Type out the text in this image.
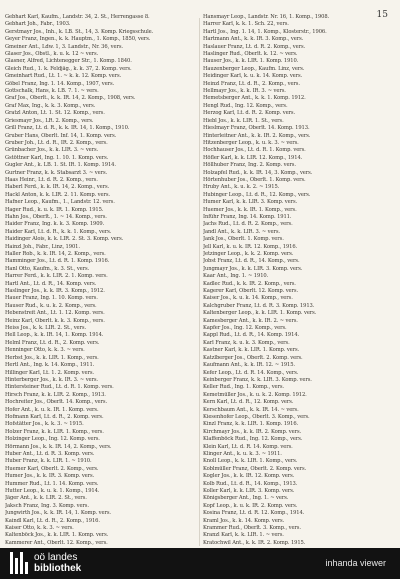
15
Gebhart Karl, Kaufm., Landstr. 34, 2. St., Herrengasse 8.
Gebhart Joh., Fabr., 1903.
Gerstmayr Jos., Inh., k. LB. St., 14, 3. Komp. Kriegsschule.
Geyer Franz, Ingen., k. k. Hauptm., 1. Komp., 1850, vers.
Gmeiner Ant., Ldw. 1, 3. Landstr., Nr. 36, vers.
Glaser Jos., Obstl., k. u. k. 12 ~ vers.
Glasner, Alfred, Lichtenegger Str., 1. Komp. 1840.
Gleich Rud., 1. k. Feldjäg., k. k. 37, 2. Komp. vers.
Gmeinhart Rud., Lt. 1. ~ k. k. 12. Komp. vers.
Göbel Franz, Ing. 1. 14. Komp., 1907, vers.
Gottschalk, Hans, k. LB. 7. 1. ~ vers.
Graf Jos., Oberlt., k. k. IR. 14, 2. Komp., 1908, vers.
Graf Max, Ing., k. k. 3. Komp., vers.
Gratzl Anton, Lt. 1. St. 12. Komp., vers.
Griesmayr Jos., LR. 2. Komp., vers.
Grill Franz, Lt. d. R., k. k. IR. 14, 1. Komp., 1910.
Gruber Hans, Oberlt. Inf. 14, 1. Komp. vers.
Gruber Joh., Lt. d. R., IR. 2. Komp., vers.
Grünbacher Jos., k. k. LIR. 3. ~ vers.
Gstöttner Karl, Ing. 1. 10. 1. Komp. vers.
Gugler Ant., k. LB. 1. St. IR. 1. Komp. 1914.
Gurtner Franz, k. k. Stabsarzt 3. ~ vers.
Haas Heinr., Lt. d. R. 2. Komp., vers.
Haberl Ferd., k. k. IR. 14, 2. Komp., vers.
Hackl Anton, k. k. LIR. 2. 11. Komp. vers.
Hafner Leop., Kaufm., 1., Landstr. 12. vers.
Hager Rud., k. u. k. IR. 1. Komp. 1915.
Hahn Jos., Oberlt., 1. ~ 14. Komp., vers.
Haider Franz, Ing. k. k. 3. Komp. 1909.
Haider Karl, Lt. d. R., k. k. 1. Komp., vers.
Haidinger Alois, k. k. LIR. 2. St. 3. Komp. vers.
Hainzl Joh., Fabr., Linz, 1901.
Haller Rob., k. k. IR. 14, 2. Komp., vers.
Hamminger Jos., Lt. d. R. 1. Komp. 1916.
Hanl Otto, Kaufm., k. 3. St., vers.
Harrer Ferd., k. k. LIR. 2. 1. Komp. vers.
Hartl Ant., Lt. d. R., 14. Komp. vers.
Haslinger Jos., k. k. IR. 3. Komp., 1912.
Hauer Franz, Ing. 1. 10. Komp. vers.
Hauser Rud., k. u. k. 2. Komp., vers.
Hebenstreit Ant., Lt. 1. 12. Komp. vers.
Heinz Karl, Oberlt. k. k. 3. Komp., vers.
Heiss Jos., k. k. LIR. 2. St., vers.
Hell Leop., k. k. IR. 14, 1. Komp. 1914.
Helml Franz, Lt. d. R., 2. Komp. vers.
Henninger Otto, k. k. 3. ~ vers.
Herbst Jos., k. k. LIR. 1. Komp., vers.
Hertl Ant., Ing. k. 14. Komp., 1911.
Hillinger Karl, Lt. 1. 2. Komp. vers.
Hinterberger Jos., k. k. IR. 3. ~ vers.
Hintersteiner Rud., Lt. d. R. 1. Komp. vers.
Hirsch Franz, k. k. LIR. 2. Komp., 1913.
Hochreiter Jos., Oberlt. 14. Komp., vers.
Hofer Ant., k. u. k. IR. 1. Komp. vers.
Hofmann Karl, Lt. d. R., 2. Komp. vers.
Hofstätter Jos., k. k. 3. ~ 1915.
Holzer Franz, k. k. LIR. 1. Komp., vers.
Holzinger Leop., Ing. 12. Komp. vers.
Hörmann Jos., k. k. IR. 14, 2. Komp., vers.
Huber Ant., Lt. d. R. 3. Komp. vers.
Huber Franz, k. k. LIR. 1. ~ 1910.
Huemer Karl, Oberlt. 2. Komp., vers.
Humer Jos., k. k. IR. 3. Komp. vers.
Hummer Rud., Lt. 1. 14. Komp. vers.
Hutter Leop., k. u. k. 1. Komp., 1914.
Jäger Ant., k. k. LIR. 2. St., vers.
Jaksch Franz, Ing. 3. Komp. vers.
Jungwirth Jos., k. k. IR. 14, 1. Komp. vers.
Kaindl Karl, Lt. d. R., 2. Komp., 1916.
Kaiser Otto, k. k. 3. ~ vers.
Kaltenböck Jos., k. k. LIR. 1. Komp. vers.
Kammerer Ant., Oberlt. 12. Komp., vers.
Hansmayr Leop., Landstr. Nr. 16, 1. Komp., 1908.
Harrer Karl, k. k. 1. Sch. 22, vers.
Hartl Jos., Ing. 1. 14, 1. Komp., Klosterstr., 1906.
Hartmann Ant., k. k. IR. 3. Komp., vers.
Haslauer Franz, Lt. d. R. 2. Komp., vers.
Haslinger Rud., Oberlt. k. 12. ~ vers.
Hauser Jos., k. k. LIR. 1. Komp. 1910.
Hauzenberger Leop., Kaufm. Linz, vers.
Heidinger Karl, k. u. k. 14. Komp. vers.
Heinzl Franz, Lt. d. R., 2. Komp., vers.
Hellmayr Jos., k. k. IR. 3. ~ vers.
Hemetsberger Ant., k. k. 1. Komp. 1912.
Hengl Rud., Ing. 12. Komp., vers.
Herzog Karl, Lt. d. R. 2. Komp. vers.
Hiebl Jos., k. k. LIR. 1. St., vers.
Hieslmayr Franz, Oberlt. 14. Komp. 1913.
Hinterleitner Ant., k. k. IR. 2. Komp., vers.
Hitzenberger Leop., k. u. k. 3. ~ vers.
Hochhauser Jos., Lt. d. R. 1. Komp. vers.
Höfler Karl, k. k. LIR. 12. Komp., 1914.
Höllhuber Franz, Ing. 2. Komp. vers.
Holzapfel Rud., k. k. IR. 14, 3. Komp., vers.
Hörtenhuber Jos., Oberlt. 1. Komp. vers.
Hruby Ant., k. u. k. 2. ~ 1915.
Hubinger Leop., Lt. d. R., 12. Komp., vers.
Humer Karl, k. k. LIR. 3. Komp. vers.
Huemer Jos., k. k. IR. 1. Komp., vers.
Inführ Franz, Ing. 14. Komp. 1911.
Jachs Rud., Lt. d. R. 2. Komp., vers.
Jandl Ant., k. k. LIR. 3. ~ vers.
Jank Jos., Oberlt. 1. Komp. vers.
Jell Karl, k. u. k. IR. 12. Komp., 1916.
Jetzinger Leop., k. k. 2. Komp. vers.
Jobst Franz, Lt. d. R., 14. Komp., vers.
Jungmayr Jos., k. k. LIR. 3. Komp. vers.
Kaar Ant., Ing. 1. ~ 1910.
Kadlec Rud., k. k. IR. 2. Komp., vers.
Kagerer Karl, Oberlt. 12. Komp. vers.
Kaiser Jos., k. u. k. 14. Komp., vers.
Kalchgruber Franz, Lt. d. R. 3. Komp. 1913.
Kaltenberger Leop., k. k. LIR. 1. Komp. vers.
Kamesberger Ant., k. k. IR. 2. ~ vers.
Kapfer Jos., Ing. 12. Komp., vers.
Kappl Rud., Lt. d. R., 14. Komp. 1914.
Karl Franz, k. u. k. 3. Komp., vers.
Kastner Karl, k. k. LIR. 1. Komp. vers.
Katzlberger Jos., Oberlt. 2. Komp. vers.
Kaufmann Ant., k. k. IR. 12. ~ 1915.
Kefer Leop., Lt. d. R. 14. Komp., vers.
Keinberger Franz, k. k. LIR. 3. Komp. vers.
Keller Rud., Ing. 1. Komp., vers.
Kemetmüller Jos., k. u. k. 2. Komp. 1912.
Kern Karl, Lt. d. R., 12. Komp. vers.
Kerschbaum Ant., k. k. IR. 14. ~ vers.
Kiesenhofer Leop., Oberlt. 3. Komp., vers.
Kinzl Franz, k. k. LIR. 1. Komp. 1916.
Kirchmayr Jos., k. k. IR. 2. Komp. vers.
Klaffenböck Rud., Ing. 12. Komp., vers.
Klein Karl, Lt. d. R. 14. Komp. vers.
Klinger Ant., k. u. k. 3. ~ 1911.
Knoll Leop., k. k. LIR. 1. Komp., vers.
Koblmüller Franz, Oberlt. 2. Komp. vers.
Kogler Jos., k. k. IR. 12. Komp. vers.
Kolb Rud., Lt. d. R., 14. Komp., 1913.
Koller Karl, k. k. LIR. 3. Komp. vers.
Königsberger Ant., Ing. 1. ~ vers.
Kopf Leop., k. u. k. IR. 2. Komp. vers.
Kosina Franz, Lt. d. R. 12. Komp., 1914.
Kraml Jos., k. k. 14. Komp. vers.
Krammer Rud., Oberlt. 3. Komp., vers.
Kranzl Karl, k. k. LIR. 1. ~ vers.
Kratochwil Ant., k. k. IR. 2. Komp. 1915.
oö landes
bibliothek	inhanda viewer
